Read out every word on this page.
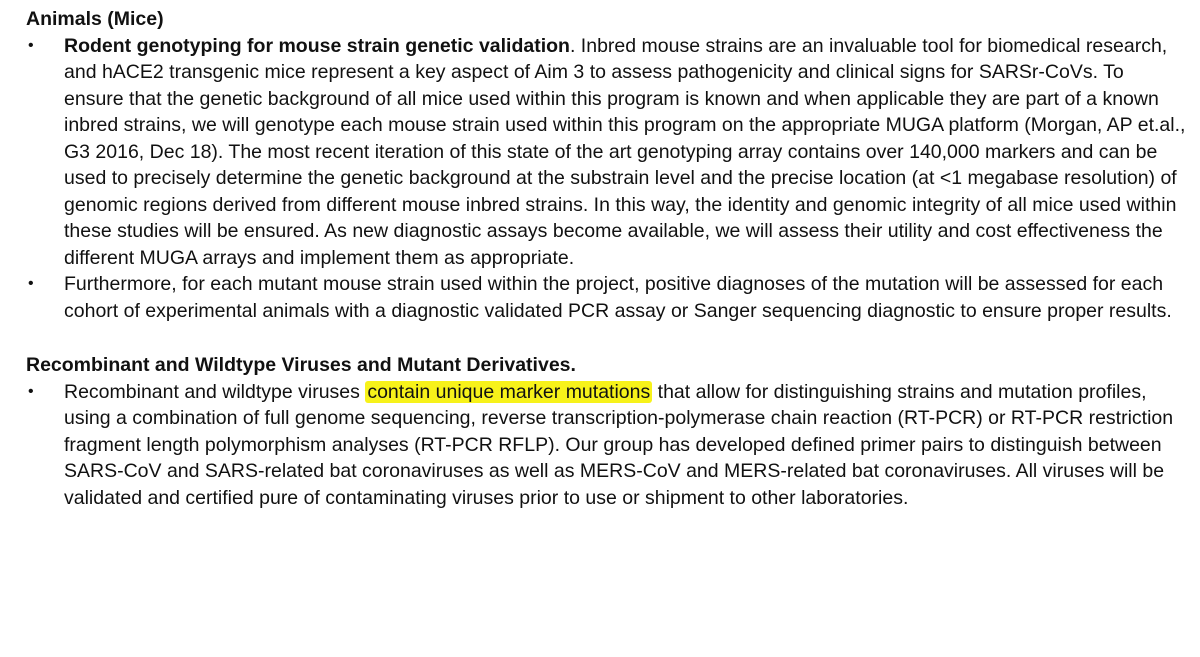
Animals (Mice)
• Rodent genotyping for mouse strain genetic validation. Inbred mouse strains are an invaluable tool for biomedical research, and hACE2 transgenic mice represent a key aspect of Aim 3 to assess pathogenicity and clinical signs for SARSr-CoVs. To ensure that the genetic background of all mice used within this program is known and when applicable they are part of a known inbred strains, we will genotype each mouse strain used within this program on the appropriate MUGA platform (Morgan, AP et.al., G3 2016, Dec 18). The most recent iteration of this state of the art genotyping array contains over 140,000 markers and can be used to precisely determine the genetic background at the substrain level and the precise location (at <1 megabase resolution) of genomic regions derived from different mouse inbred strains. In this way, the identity and genomic integrity of all mice used within these studies will be ensured. As new diagnostic assays become available, we will assess their utility and cost effectiveness the different MUGA arrays and implement them as appropriate.
• Furthermore, for each mutant mouse strain used within the project, positive diagnoses of the mutation will be assessed for each cohort of experimental animals with a diagnostic validated PCR assay or Sanger sequencing diagnostic to ensure proper results.
Recombinant and Wildtype Viruses and Mutant Derivatives.
• Recombinant and wildtype viruses contain unique marker mutations that allow for distinguishing strains and mutation profiles, using a combination of full genome sequencing, reverse transcription-polymerase chain reaction (RT-PCR) or RT-PCR restriction fragment length polymorphism analyses (RT-PCR RFLP). Our group has developed defined primer pairs to distinguish between SARS-CoV and SARS-related bat coronaviruses as well as MERS-CoV and MERS-related bat coronaviruses. All viruses will be validated and certified pure of contaminating viruses prior to use or shipment to other laboratories.
